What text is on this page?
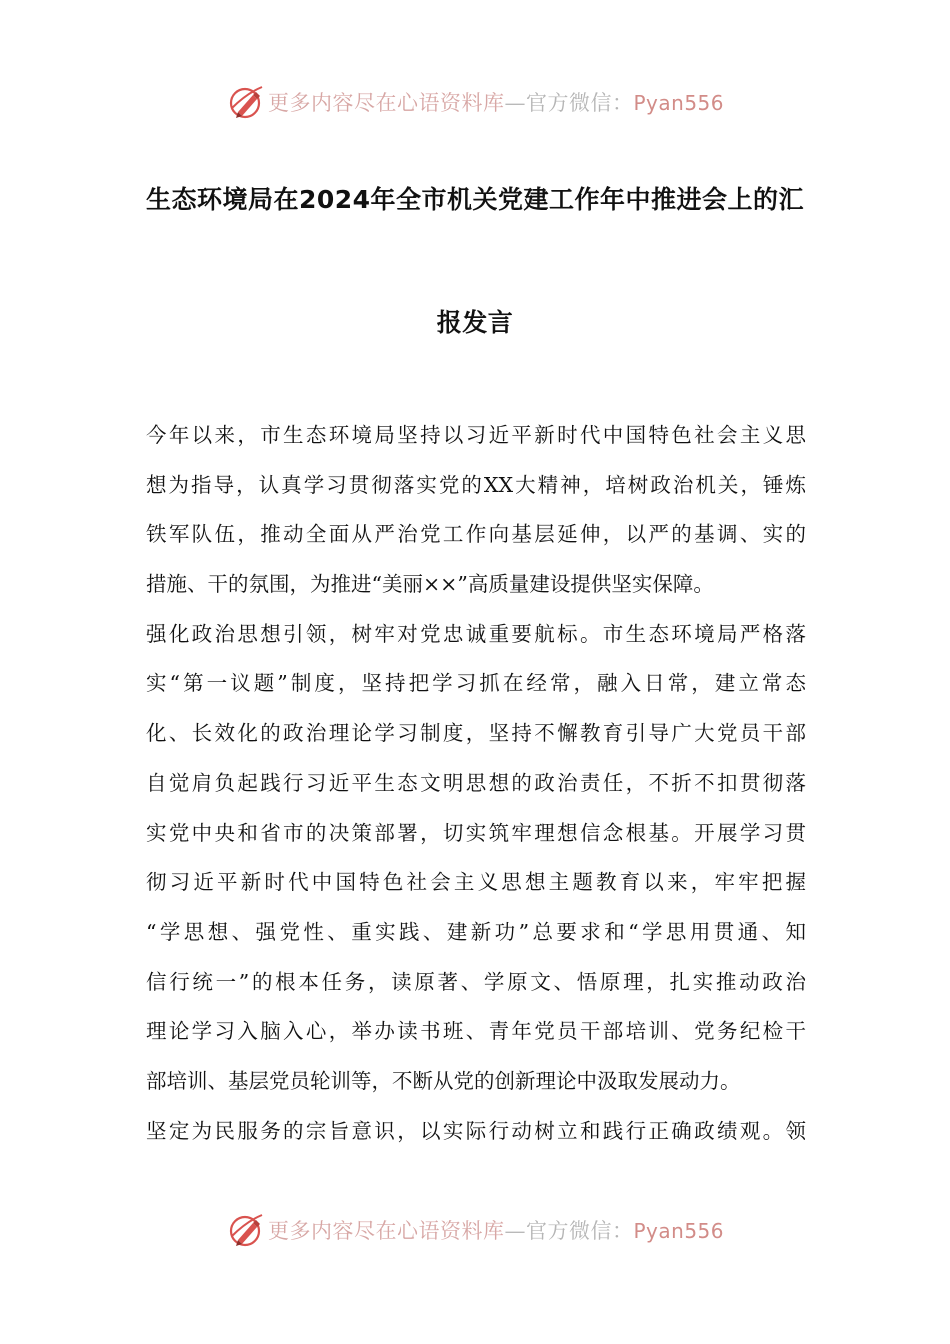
更多内容尽在心语资料库—官方微信：Pyan556
生态环境局在2024年全市机关党建工作年中推进会上的汇
报发言
今年以来，市生态环境局坚持以习近平新时代中国特色社会主义思
想为指导，认真学习贯彻落实党的XX大精神，培树政治机关，锤炼
铁军队伍，推动全面从严治党工作向基层延伸，以严的基调、实的
措施、干的氛围，为推进“美丽××”高质量建设提供坚实保障。
强化政治思想引领，树牢对党忠诚重要航标。市生态环境局严格落
实“第一议题”制度，坚持把学习抓在经常，融入日常，建立常态
化、长效化的政治理论学习制度，坚持不懈教育引导广大党员干部
自觉肩负起践行习近平生态文明思想的政治责任，不折不扣贯彻落
实党中央和省市的决策部署，切实筑牢理想信念根基。开展学习贯
彻习近平新时代中国特色社会主义思想主题教育以来，牢牢把握
“学思想、强党性、重实践、建新功”总要求和“学思用贯通、知
信行统一”的根本任务，读原著、学原文、悟原理，扎实推动政治
理论学习入脑入心，举办读书班、青年党员干部培训、党务纪检干
部培训、基层党员轮训等，不断从党的创新理论中汲取发展动力。
坚定为民服务的宗旨意识，以实际行动树立和践行正确政绩观。领
更多内容尽在心语资料库—官方微信：Pyan556
